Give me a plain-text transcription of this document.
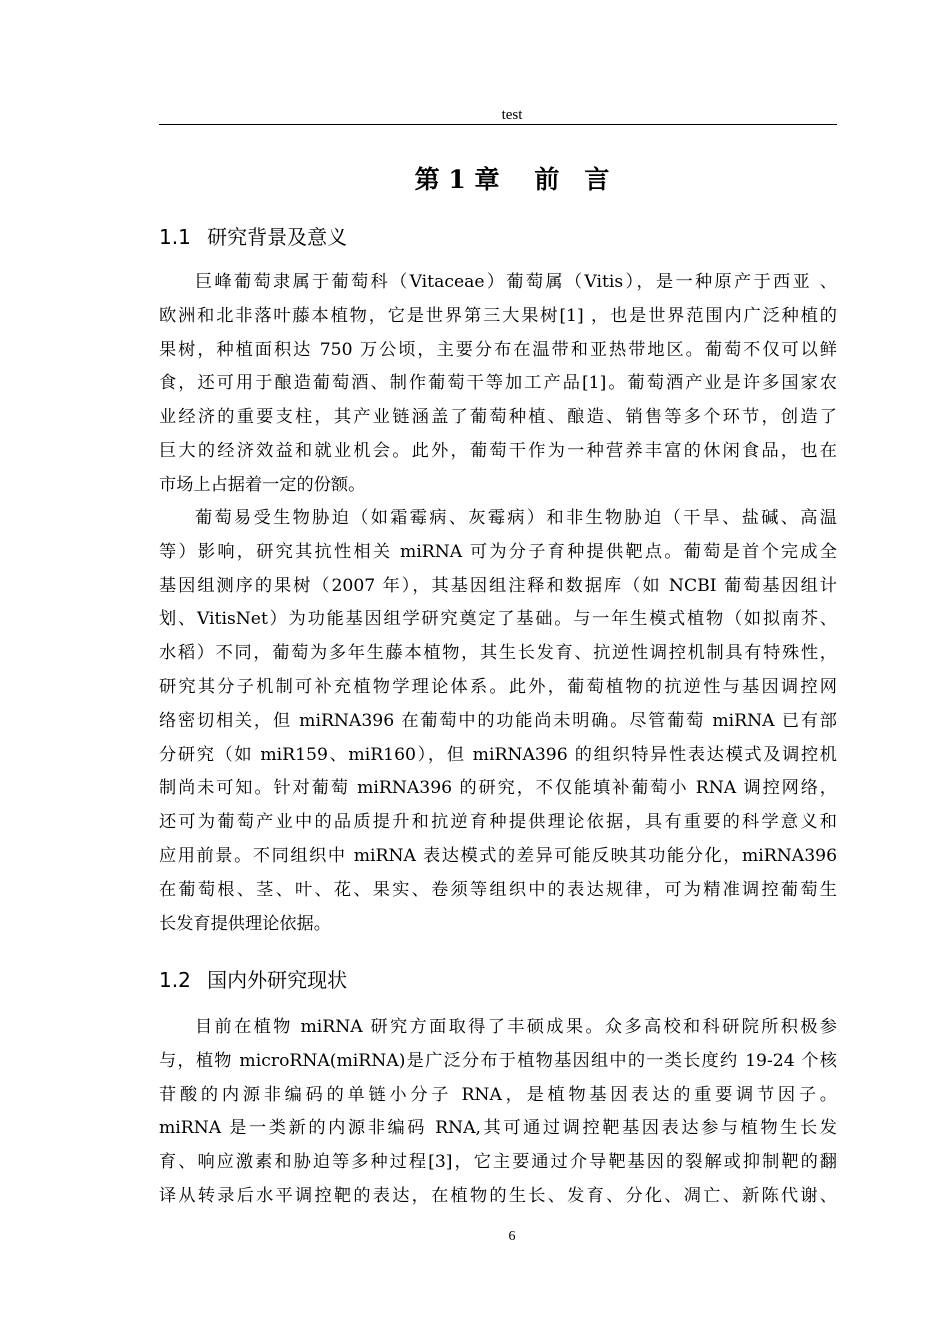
test
第 1 章 前　言
1.1 研究背景及意义
巨峰葡萄隶属于葡萄科（Vitaceae）葡萄属（Vitis），是一种原产于西亚 、
欧洲和北非落叶藤本植物，它是世界第三大果树[1] ，也是世界范围内广泛种植的
果树，种植面积达 750 万公顷，主要分布在温带和亚热带地区。葡萄不仅可以鲜
食，还可用于酿造葡萄酒、制作葡萄干等加工产品[1]。葡萄酒产业是许多国家农
业经济的重要支柱，其产业链涵盖了葡萄种植、酿造、销售等多个环节，创造了
巨大的经济效益和就业机会。此外，葡萄干作为一种营养丰富的休闲食品，也在
市场上占据着一定的份额。
葡萄易受生物胁迫（如霜霉病、灰霉病）和非生物胁迫（干旱、盐碱、高温
等）影响，研究其抗性相关 miRNA 可为分子育种提供靶点。葡萄是首个完成全
基因组测序的果树（2007 年），其基因组注释和数据库（如 NCBI 葡萄基因组计
划、VitisNet）为功能基因组学研究奠定了基础。与一年生模式植物（如拟南芥、
水稻）不同，葡萄为多年生藤本植物，其生长发育、抗逆性调控机制具有特殊性，
研究其分子机制可补充植物学理论体系。此外，葡萄植物的抗逆性与基因调控网
络密切相关，但 miRNA396 在葡萄中的功能尚未明确。尽管葡萄 miRNA 已有部
分研究（如 miR159、miR160），但 miRNA396 的组织特异性表达模式及调控机
制尚未可知。针对葡萄 miRNA396 的研究，不仅能填补葡萄小 RNA 调控网络，
还可为葡萄产业中的品质提升和抗逆育种提供理论依据，具有重要的科学意义和
应用前景。不同组织中 miRNA 表达模式的差异可能反映其功能分化，miRNA396
在葡萄根、茎、叶、花、果实、卷须等组织中的表达规律，可为精准调控葡萄生
长发育提供理论依据。
1.2 国内外研究现状
目前在植物 miRNA 研究方面取得了丰硕成果。众多高校和科研院所积极参
与，植物 microRNA(miRNA)是广泛分布于植物基因组中的一类长度约 19-24 个核
苷酸的内源非编码的单链小分子 RNA，是植物基因表达的重要调节因子。
miRNA 是一类新的内源非编码 RNA,其可通过调控靶基因表达参与植物生长发
育、响应激素和胁迫等多种过程[3]，它主要通过介导靶基因的裂解或抑制靶的翻
译从转录后水平调控靶的表达，在植物的生长、发育、分化、凋亡、新陈代谢、
6
